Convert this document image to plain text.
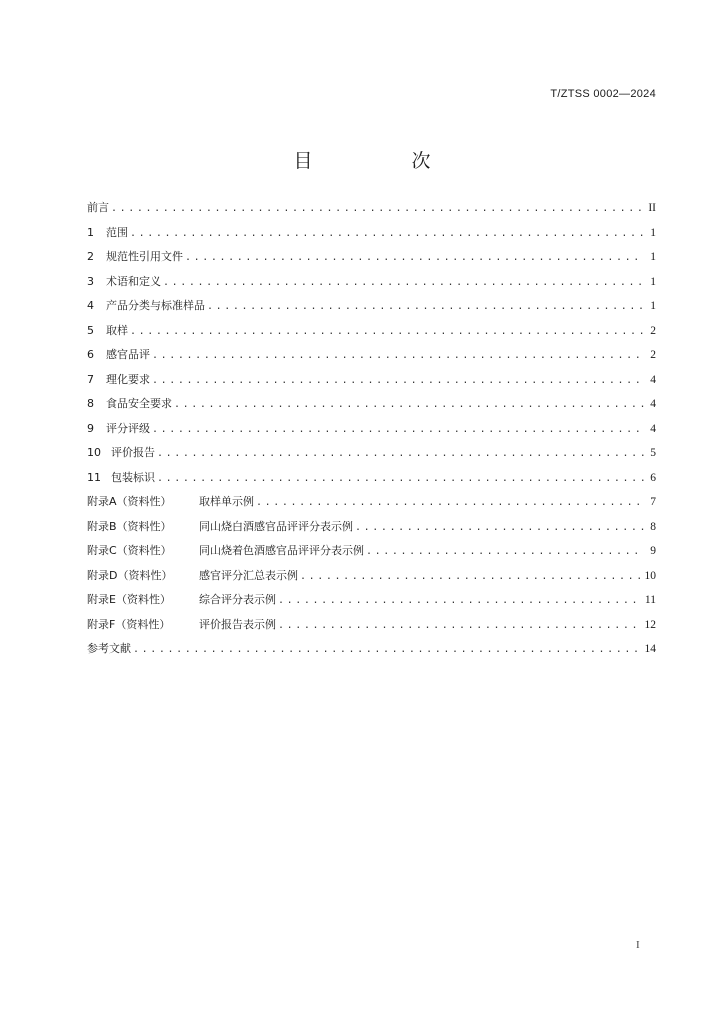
T/ZTSS 0002—2024
目　次
前言 .....	II
1	范围 .....	1
2	规范性引用文件 .....	1
3	术语和定义 .....	1
4	产品分类与标准样品 .....	1
5	取样 .....	2
6	感官品评 .....	2
7	理化要求 .....	4
8	食品安全要求 .....	4
9	评分评级 .....	4
10 评价报告 .....	5
11 包装标识 .....	6
附录A（资料性）	取样单示例 .....	7
附录B（资料性）	同山烧白酒感官品评评分表示例 .....	8
附录C（资料性）	同山烧着色酒感官品评评分表示例 .....	9
附录D（资料性）	感官评分汇总表示例 .....	10
附录E（资料性）	综合评分表示例 .....	11
附录F（资料性）	评价报告表示例 .....	12
参考文献 .....	14
I
